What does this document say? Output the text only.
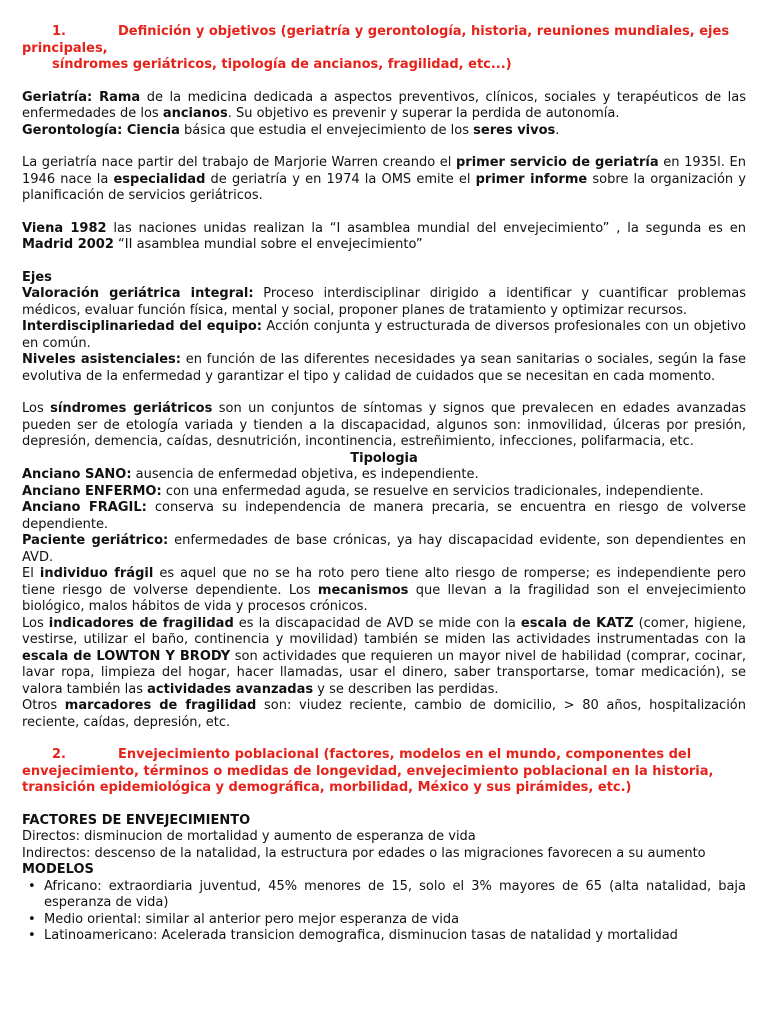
1.	Definición y objetivos (geriatría y gerontología, historia, reuniones mundiales, ejes principales,
síndromes geriátricos, tipología de ancianos, fragilidad, etc...)

Geriatría: Rama de la medicina dedicada a aspectos preventivos, clínicos, sociales y terapéuticos de las enfermedades de los ancianos. Su objetivo es prevenir y superar la perdida de autonomía.

Gerontología: Ciencia básica que estudia el envejecimiento de los seres vivos.

La geriatría nace partir del trabajo de Marjorie Warren creando el primer servicio de geriatría en 1935l. En 1946 nace la especialidad de geriatría y en 1974 la OMS emite el primer informe sobre la organización y planificación de servicios geriátricos.

Viena 1982 las naciones unidas realizan la “I asamblea mundial del envejecimiento” , la segunda es en Madrid 2002 “II asamblea mundial sobre el envejecimiento”

Ejes

Valoración geriátrica integral: Proceso interdisciplinar dirigido a identificar y cuantificar problemas médicos, evaluar función física, mental y social, proponer planes de tratamiento y optimizar recursos.

Interdisciplinariedad del equipo: Acción conjunta y estructurada de diversos profesionales con un objetivo en común.

Niveles asistenciales: en función de las diferentes necesidades ya sean sanitarias o sociales, según la fase evolutiva de la enfermedad y garantizar el tipo y calidad de cuidados que se necesitan en cada momento.

Los síndromes geriátricos son un conjuntos de síntomas y signos que prevalecen en edades avanzadas pueden ser de etología variada y tienden a la discapacidad, algunos son: inmovilidad, úlceras por presión, depresión, demencia, caídas, desnutrición, incontinencia, estreñimiento, infecciones, polifarmacia, etc.

Tipologia

Anciano SANO: ausencia de enfermedad objetiva, es independiente.

Anciano ENFERMO: con una enfermedad aguda, se resuelve en servicios tradicionales, independiente.

Anciano FRAGIL: conserva su independencia de manera precaria, se encuentra en riesgo de volverse dependiente.

Paciente geriátrico: enfermedades de base crónicas, ya hay discapacidad evidente, son dependientes en AVD.

El individuo frágil es aquel que no se ha roto pero tiene alto riesgo de romperse; es independiente pero tiene riesgo de volverse dependiente. Los mecanismos que llevan a la fragilidad son el envejecimiento biológico, malos hábitos de vida y procesos crónicos.

Los indicadores de fragilidad es la discapacidad de AVD se mide con la escala de KATZ (comer, higiene, vestirse, utilizar el baño, continencia y movilidad) también se miden las actividades instrumentadas con la escala de LOWTON Y BRODY son actividades que requieren un mayor nivel de habilidad (comprar, cocinar, lavar ropa, limpieza del hogar, hacer llamadas, usar el dinero, saber transportarse, tomar medicación), se valora también las actividades avanzadas y se describen las perdidas.

Otros marcadores de fragilidad son: viudez reciente, cambio de domicilio, > 80 años, hospitalización reciente, caídas, depresión, etc.

2.	Envejecimiento poblacional (factores, modelos en el mundo, componentes del envejecimiento, términos o medidas de longevidad, envejecimiento poblacional en la historia, transición epidemiológica y demográfica, morbilidad, México y sus pirámides, etc.)

FACTORES DE ENVEJECIMIENTO

Directos: disminucion de mortalidad y aumento de esperanza de vida

Indirectos: descenso de la natalidad, la estructura por edades o las migraciones favorecen a su aumento

MODELOS

• Africano: extraordiaria juventud, 45% menores de 15, solo el 3% mayores de 65 (alta natalidad, baja esperanza de vida)
• Medio oriental: similar al anterior pero mejor esperanza de vida
• Latinoamericano: Acelerada transicion demografica, disminucion tasas de natalidad y mortalidad
